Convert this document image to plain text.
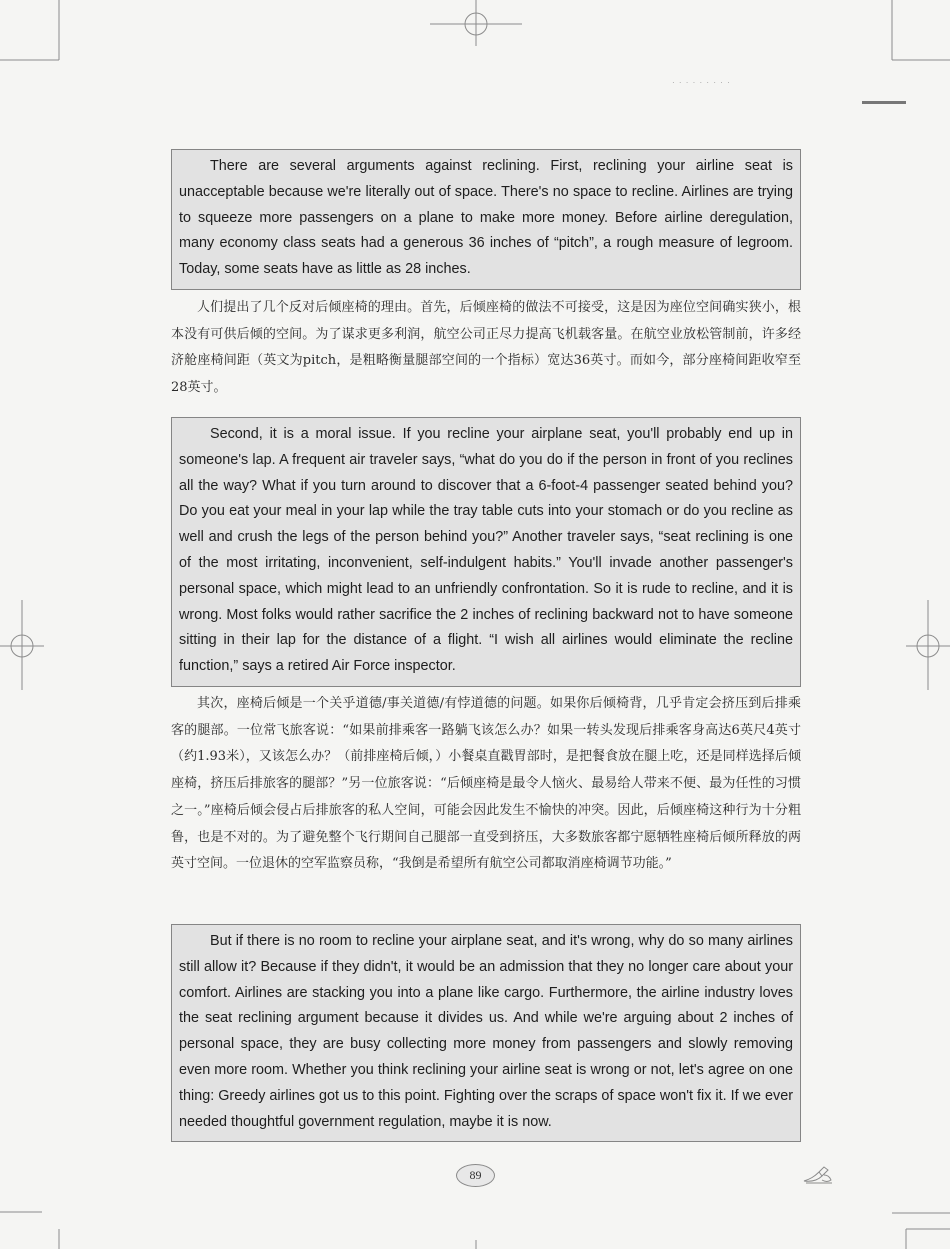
· · · · · · · · ·
There are several arguments against reclining. First, reclining your airline seat is unacceptable because we're literally out of space. There's no space to recline. Airlines are trying to squeeze more passengers on a plane to make more money. Before airline deregulation, many economy class seats had a generous 36 inches of “pitch”, a rough measure of legroom. Today, some seats have as little as 28 inches.
人们提出了几个反对后倾座椅的理由。首先，后倾座椅的做法不可接受，这是因为座位空间确实狭小，根本没有可供后倾的空间。为了谋求更多利润，航空公司正尽力提高飞机载客量。在航空业放松管制前，许多经济舱座椅间距（英文为pitch，是粗略衡量腿部空间的一个指标）宽达36英寸。而如今，部分座椅间距收窄至28英寸。
Second, it is a moral issue. If you recline your airplane seat, you'll probably end up in someone's lap. A frequent air traveler says, “what do you do if the person in front of you reclines all the way? What if you turn around to discover that a 6-foot-4 passenger seated behind you? Do you eat your meal in your lap while the tray table cuts into your stomach or do you recline as well and crush the legs of the person behind you?” Another traveler says, “seat reclining is one of the most irritating, inconvenient, self-indulgent habits.” You'll invade another passenger's personal space, which might lead to an unfriendly confrontation. So it is rude to recline, and it is wrong. Most folks would rather sacrifice the 2 inches of reclining backward not to have someone sitting in their lap for the distance of a flight. “I wish all airlines would eliminate the recline function,” says a retired Air Force inspector.
其次，座椅后倾是一个关乎道德/事关道德/有悖道德的问题。如果你后倾椅背，几乎肯定会挤压到后排乘客的腿部。一位常飞旅客说：“如果前排乘客一路躺飞该怎么办？如果一转头发现后排乘客身高达6英尺4英寸（约1.93米），又该怎么办？（前排座椅后倾，）小餐桌直戳胃部时，是把餐食放在腿上吃，还是同样选择后倾座椅，挤压后排旅客的腿部？”另一位旅客说：“后倾座椅是最令人恼火、最易给人带来不便、最为任性的习惯之一。”座椅后倾会侵占后排旅客的私人空间，可能会因此发生不愉快的冲突。因此，后倾座椅这种行为十分粗鲁，也是不对的。为了避免整个飞行期间自己腿部一直受到挤压，大多数旅客都宁愿牺牲座椅后倾所释放的两英寸空间。一位退休的空军监察员称，“我倒是希望所有航空公司都取消座椅调节功能。”
But if there is no room to recline your airplane seat, and it's wrong, why do so many airlines still allow it? Because if they didn't, it would be an admission that they no longer care about your comfort. Airlines are stacking you into a plane like cargo. Furthermore, the airline industry loves the seat reclining argument because it divides us. And while we're arguing about 2 inches of personal space, they are busy collecting more money from passengers and slowly removing even more room. Whether you think reclining your airline seat is wrong or not, let's agree on one thing: Greedy airlines got us to this point. Fighting over the scraps of space won't fix it. If we ever needed thoughtful government regulation, maybe it is now.
89
